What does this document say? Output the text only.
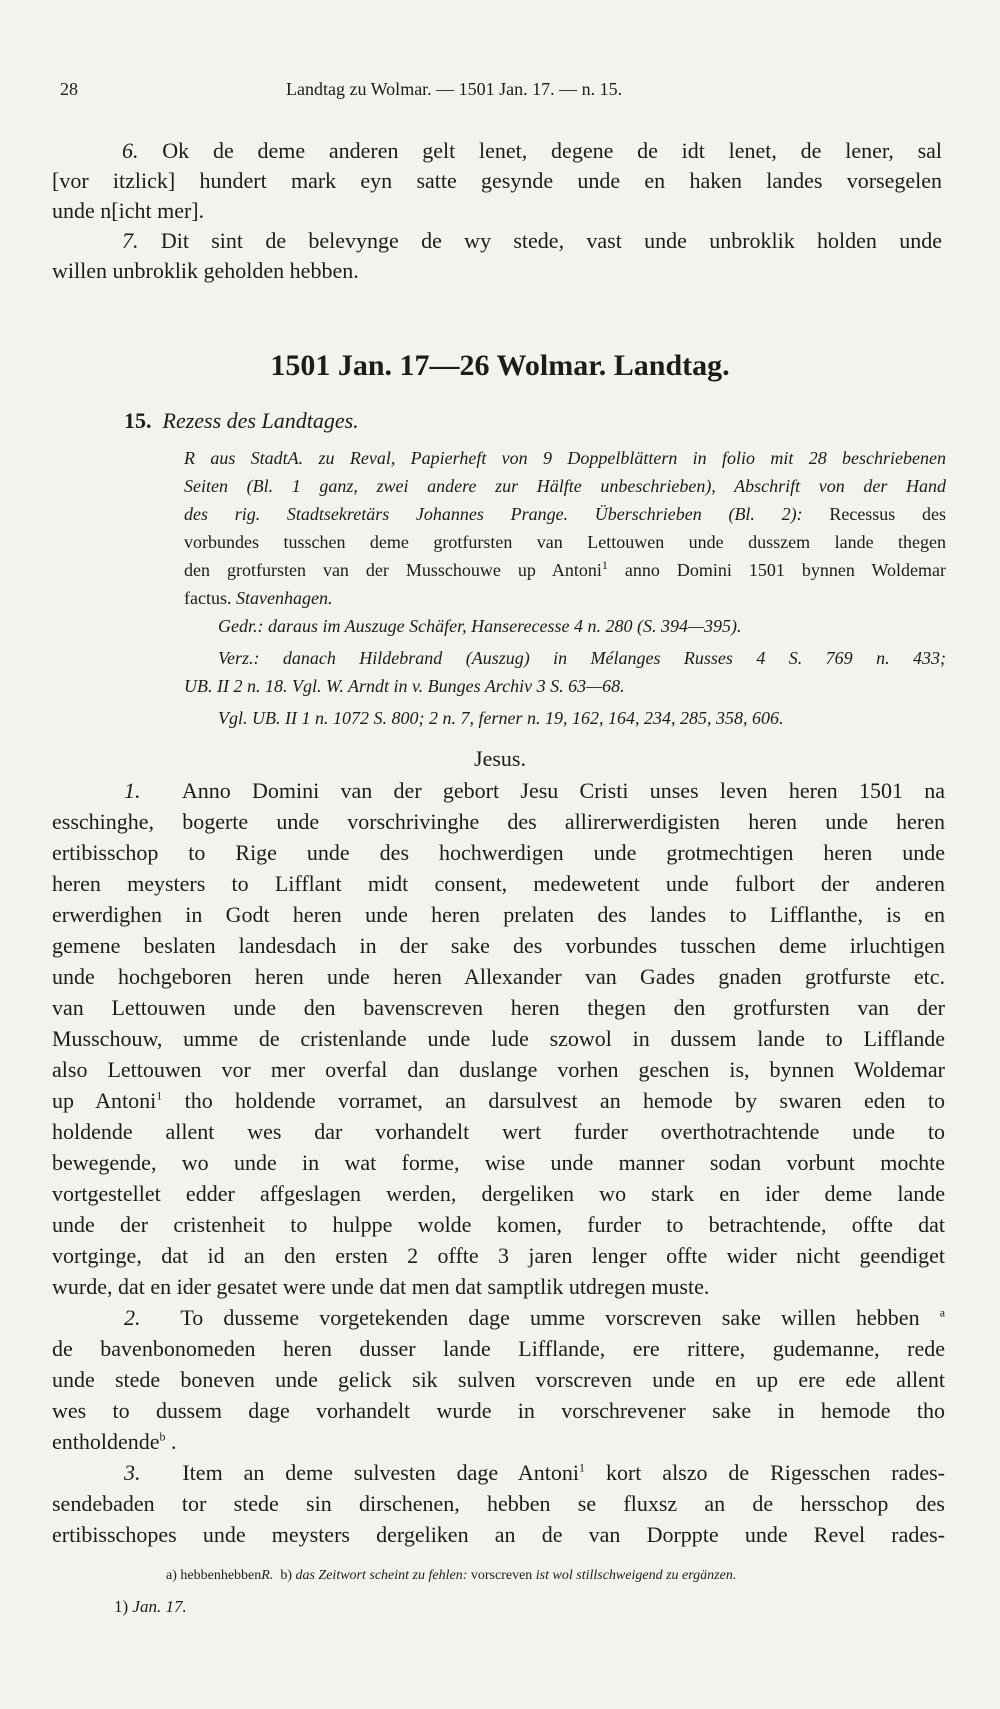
28	Landtag zu Wolmar. — 1501 Jan. 17. — n. 15.
6. Ok de deme anderen gelt lenet, degene de idt lenet, de lener, sal
[vor itzlick] hundert mark eyn satte gesynde unde en haken landes vorsegelen
unde n[icht mer].
7. Dit sint de belevynge de wy stede, vast unde unbroklik holden unde
willen unbroklik geholden hebben.
1501 Jan. 17—26 Wolmar. Landtag.
15. Rezess des Landtages.
R aus StadtA. zu Reval, Papierheft von 9 Doppelblättern in folio mit 28 beschriebenen
Seiten (Bl. 1 ganz, zwei andere zur Hälfte unbeschrieben), Abschrift von der Hand
des rig. Stadtsekretärs Johannes Prange. Überschrieben (Bl. 2): Recessus des
vorbundes tusschen deme grotfursten van Lettouwen unde dusszem lande thegen
den grotfursten van der Musschouwe up Antoni$^1$ anno Domini 1501 bynnen Woldemar
factus. Stavenhagen.
Gedr.: daraus im Auszuge Schäfer, Hanserecesse 4 n. 280 (S. 394—395).
Verz.: danach Hildebrand (Auszug) in Mélanges Russes 4 S. 769 n. 433;
UB. II 2 n. 18. Vgl. W. Arndt in v. Bunges Archiv 3 S. 63—68.
Vgl. UB. II 1 n. 1072 S. 800; 2 n. 7, ferner n. 19, 162, 164, 234, 285, 358, 606.
Jesus.
1. Anno Domini van der gebort Jesu Cristi unses leven heren 1501 na
esschinghe, bogerte unde vorschrivinghe des allirerwerdigisten heren unde heren
ertibisschop to Rige unde des hochwerdigen unde grotmechtigen heren unde
heren meysters to Lifflant midt consent, medewetent unde fulbort der anderen
erwerdighen in Godt heren unde heren prelaten des landes to Lifflanthe, is en
gemene beslaten landesdach in der sake des vorbundes tusschen deme irluchtigen
unde hochgeboren heren unde heren Allexander van Gades gnaden grotfurste etc.
van Lettouwen unde den bavenscreven heren thegen den grotfursten van der
Musschouw, umme de cristenlande unde lude szowol in dussem lande to Lifflande
also Lettouwen vor mer overfal dan duslange vorhen geschen is, bynnen Woldemar
up Antoni$^1$ tho holdende vorramet, an darsulvest an hemode by swaren eden to
holdende allent wes dar vorhandelt wert furder overthotrachtende unde to
bewegende, wo unde in wat forme, wise unde manner sodan vorbunt mochte
vortgestellet edder affgeslagen werden, dergeliken wo stark en ider deme lande
unde der cristenheit to hulppe wolde komen, furder to betrachtende, offte dat
vortginge, dat id an den ersten 2 offte 3 jaren lenger offte wider nicht geendiget
wurde, dat en ider gesatet were unde dat men dat samptlik utdregen muste.
2. To dusseme vorgetekenden dage umme vorscreven sake willen hebben $^a$
de bavenbonomeden heren dusser lande Lifflande, ere rittere, gudemanne, rede
unde stede boneven unde gelick sik sulven vorscreven unde en up ere ede allent
wes to dussem dage vorhandelt wurde in vorschrevener sake in hemode tho
entholdende$^b$ .
3. Item an deme sulvesten dage Antoni$^1$ kort alszo de Rigesschen rades-
sendebaden tor stede sin dirschenen, hebben se fluxsz an de hersschop des
ertibisschopes unde meysters dergeliken an de van Dorppte unde Revel rades-
a) hebbenhebbenR. b) das Zeitwort scheint zu fehlen: vorscreven ist wol stillschweigend zu ergänzen.
1) Jan. 17.
